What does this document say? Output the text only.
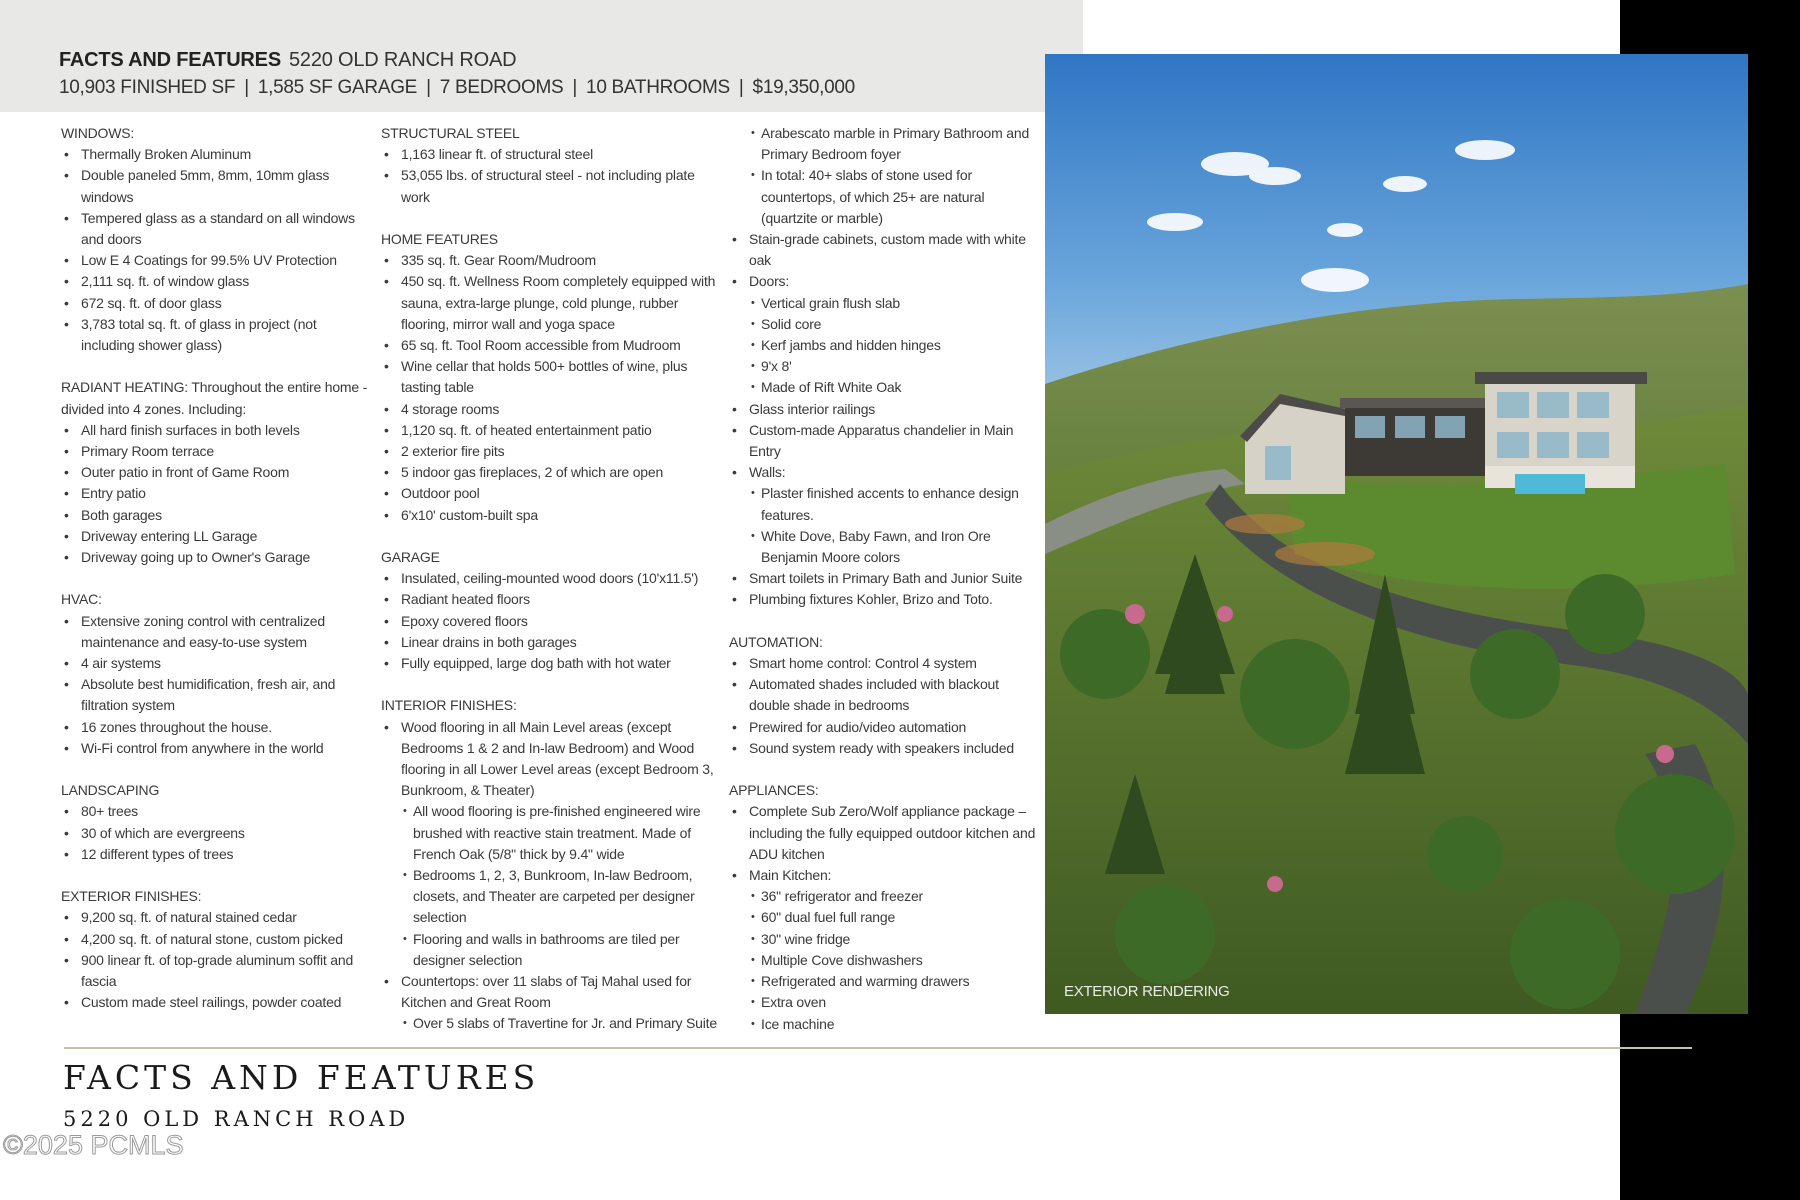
FACTS AND FEATURES 5220 OLD RANCH ROAD
10,903 FINISHED SF | 1,585 SF GARAGE | 7 BEDROOMS | 10 BATHROOMS | $19,350,000
WINDOWS:
• Thermally Broken Aluminum
• Double paneled 5mm, 8mm, 10mm glass windows
• Tempered glass as a standard on all windows and doors
• Low E 4 Coatings for 99.5% UV Protection
• 2,111 sq. ft. of window glass
• 672 sq. ft. of door glass
• 3,783 total sq. ft. of glass in project (not including shower glass)
RADIANT HEATING: Throughout the entire home - divided into 4 zones. Including:
• All hard finish surfaces in both levels
• Primary Room terrace
• Outer patio in front of Game Room
• Entry patio
• Both garages
• Driveway entering LL Garage
• Driveway going up to Owner's Garage
HVAC:
• Extensive zoning control with centralized maintenance and easy-to-use system
• 4 air systems
• Absolute best humidification, fresh air, and filtration system
• 16 zones throughout the house.
• Wi-Fi control from anywhere in the world
LANDSCAPING
• 80+ trees
• 30 of which are evergreens
• 12 different types of trees
EXTERIOR FINISHES:
• 9,200 sq. ft. of natural stained cedar
• 4,200 sq. ft. of natural stone, custom picked
• 900 linear ft. of top-grade aluminum soffit and fascia
• Custom made steel railings, powder coated
STRUCTURAL STEEL
• 1,163 linear ft. of structural steel
• 53,055 lbs. of structural steel - not including plate work
HOME FEATURES
• 335 sq. ft. Gear Room/Mudroom
• 450 sq. ft. Wellness Room completely equipped with sauna, extra-large plunge, cold plunge, rubber flooring, mirror wall and yoga space
• 65 sq. ft. Tool Room accessible from Mudroom
• Wine cellar that holds 500+ bottles of wine, plus tasting table
• 4 storage rooms
• 1,120 sq. ft. of heated entertainment patio
• 2 exterior fire pits
• 5 indoor gas fireplaces, 2 of which are open
• Outdoor pool
• 6'x10' custom-built spa
GARAGE
• Insulated, ceiling-mounted wood doors (10'x11.5')
• Radiant heated floors
• Epoxy covered floors
• Linear drains in both garages
• Fully equipped, large dog bath with hot water
INTERIOR FINISHES:
• Wood flooring in all Main Level areas (except Bedrooms 1 & 2 and In-law Bedroom) and Wood flooring in all Lower Level areas (except Bedroom 3, Bunkroom, & Theater)
• All wood flooring is pre-finished engineered wire brushed with reactive stain treatment. Made of French Oak (5/8" thick by 9.4" wide
• Bedrooms 1, 2, 3, Bunkroom, In-law Bedroom, closets, and Theater are carpeted per designer selection
• Flooring and walls in bathrooms are tiled per designer selection
• Countertops: over 11 slabs of Taj Mahal used for Kitchen and Great Room
• Over 5 slabs of Travertine for Jr. and Primary Suite
• Arabescato marble in Primary Bathroom and Primary Bedroom foyer
• In total: 40+ slabs of stone used for countertops, of which 25+ are natural (quartzite or marble)
• Stain-grade cabinets, custom made with white oak
• Doors:
• Vertical grain flush slab
• Solid core
• Kerf jambs and hidden hinges
• 9'x 8'
• Made of Rift White Oak
• Glass interior railings
• Custom-made Apparatus chandelier in Main Entry
• Walls:
• Plaster finished accents to enhance design features.
• White Dove, Baby Fawn, and Iron Ore Benjamin Moore colors
• Smart toilets in Primary Bath and Junior Suite
• Plumbing fixtures Kohler, Brizo and Toto.
AUTOMATION:
• Smart home control: Control 4 system
• Automated shades included with blackout double shade in bedrooms
• Prewired for audio/video automation
• Sound system ready with speakers included
APPLIANCES:
• Complete Sub Zero/Wolf appliance package – including the fully equipped outdoor kitchen and ADU kitchen
• Main Kitchen:
• 36" refrigerator and freezer
• 60" dual fuel full range
• 30" wine fridge
• Multiple Cove dishwashers
• Refrigerated and warming drawers
• Extra oven
• Ice machine
EXTERIOR RENDERING
FACTS AND FEATURES
5220 OLD RANCH ROAD
©2025 PCMLS
